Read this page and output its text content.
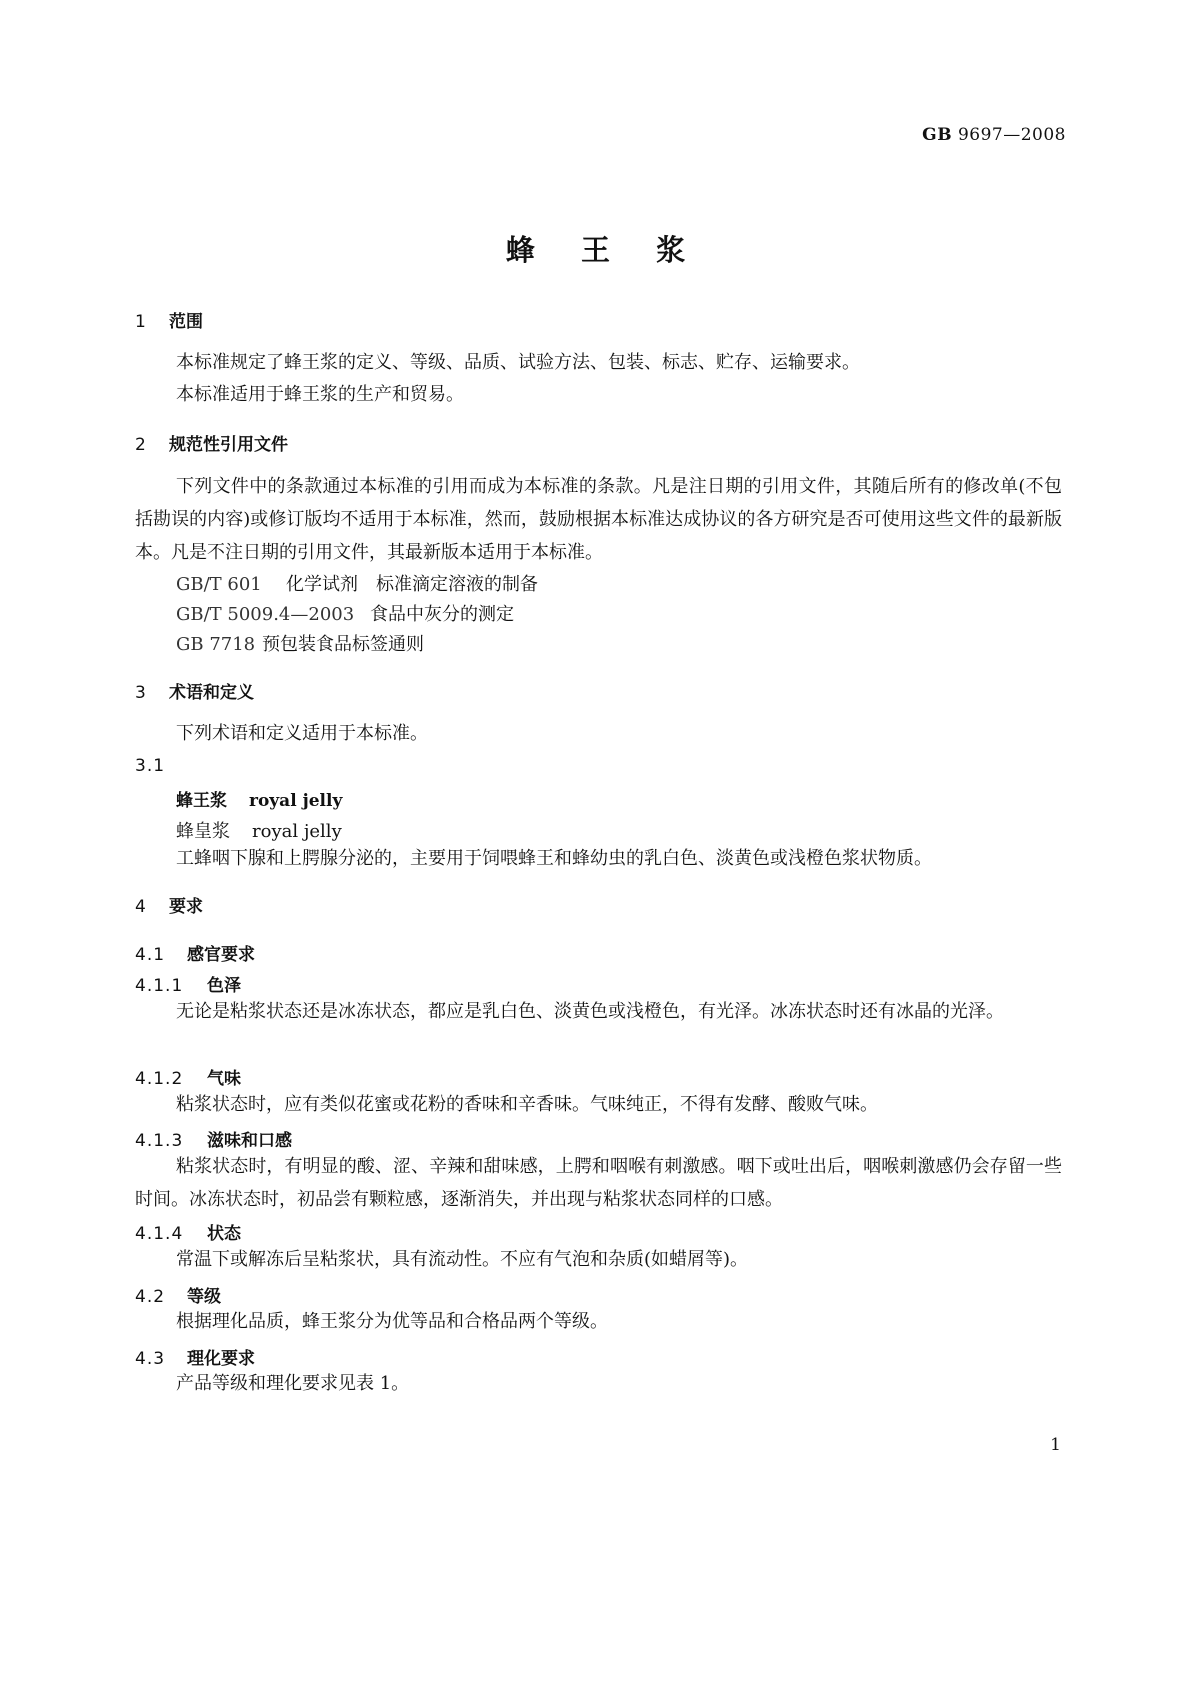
GB 9697—2008
蜂 王 浆
1 范围
本标准规定了蜂王浆的定义、等级、品质、试验方法、包装、标志、贮存、运输要求。
本标准适用于蜂王浆的生产和贸易。
2 规范性引用文件
下列文件中的条款通过本标准的引用而成为本标准的条款。凡是注日期的引用文件，其随后所有的修改单(不包括勘误的内容)或修订版均不适用于本标准，然而，鼓励根据本标准达成协议的各方研究是否可使用这些文件的最新版本。凡是不注日期的引用文件，其最新版本适用于本标准。
GB/T 601 化学试剂　标准滴定溶液的制备
GB/T 5009.4—2003 食品中灰分的测定
GB 7718 预包装食品标签通则
3 术语和定义
下列术语和定义适用于本标准。
3.1
蜂王浆 royal jelly
蜂皇浆 royal jelly
工蜂咽下腺和上腭腺分泌的，主要用于饲喂蜂王和蜂幼虫的乳白色、淡黄色或浅橙色浆状物质。
4 要求
4.1 感官要求
4.1.1 色泽
无论是粘浆状态还是冰冻状态，都应是乳白色、淡黄色或浅橙色，有光泽。冰冻状态时还有冰晶的光泽。
4.1.2 气味
粘浆状态时，应有类似花蜜或花粉的香味和辛香味。气味纯正，不得有发酵、酸败气味。
4.1.3 滋味和口感
粘浆状态时，有明显的酸、涩、辛辣和甜味感，上腭和咽喉有刺激感。咽下或吐出后，咽喉刺激感仍会存留一些时间。冰冻状态时，初品尝有颗粒感，逐渐消失，并出现与粘浆状态同样的口感。
4.1.4 状态
常温下或解冻后呈粘浆状，具有流动性。不应有气泡和杂质(如蜡屑等)。
4.2 等级
根据理化品质，蜂王浆分为优等品和合格品两个等级。
4.3 理化要求
产品等级和理化要求见表 1。
1
